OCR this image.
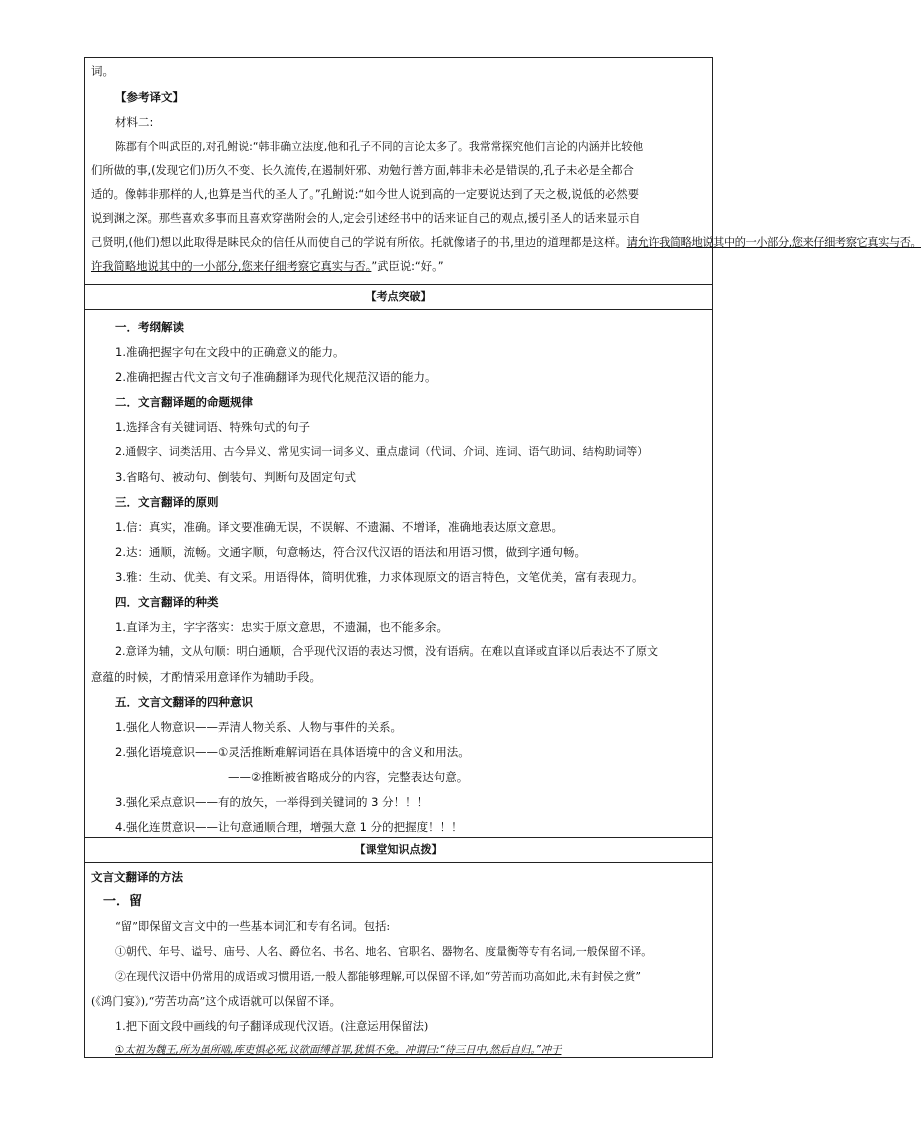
词。
【参考译文】
材料二:
陈郡有个叫武臣的,对孔鲋说:“韩非确立法度,他和孔子不同的言论太多了。我常常探究他们言论的内涵并比较他
们所做的事,(发现它们)历久不变、长久流传,在遏制奸邪、劝勉行善方面,韩非未必是错误的,孔子未必是全都合
适的。像韩非那样的人,也算是当代的圣人了。”孔鲋说:“如今世人说到高的一定要说达到了天之极,说低的必然要
说到渊之深。那些喜欢多事而且喜欢穿凿附会的人,定会引述经书中的话来证自己的观点,援引圣人的话来显示自
己贤明,(他们)想以此取得是眛民众的信任从而使自己的学说有所依。托就像诸子的书,里边的道理都是这样。请允许我简略地说其中的一小部分,您来仔细考察它真实与否。
许我简略地说其中的一小部分,您来仔细考察它真实与否。”武臣说:“好。”
【考点突破】
一．考纲解读
1.准确把握字句在文段中的正确意义的能力。
2.准确把握古代文言文句子准确翻译为现代化规范汉语的能力。
二．文言翻译题的命题规律
1.选择含有关键词语、特殊句式的句子
2.通假字、词类活用、古今异义、常见实词一词多义、重点虚词（代词、介词、连词、语气助词、结构助词等）
3.省略句、被动句、倒装句、判断句及固定句式
三．文言翻译的原则
1.信：真实，准确。译文要准确无误，不误解、不遗漏、不增译，准确地表达原文意思。
2.达：通顺，流畅。文通字顺，句意畅达，符合汉代汉语的语法和用语习惯，做到字通句畅。
3.雅：生动、优美、有文采。用语得体，简明优雅，力求体现原文的语言特色，文笔优美，富有表现力。
四．文言翻译的种类
1.直译为主，字字落实：忠实于原文意思，不遗漏，也不能多余。
2.意译为辅，文从句顺：明白通顺，合乎现代汉语的表达习惯，没有语病。在难以直译或直译以后表达不了原文
意蕴的时候，才酌情采用意译作为辅助手段。
五．文言文翻译的四种意识
1.强化人物意识——弄清人物关系、人物与事件的关系。
2.强化语境意识——①灵活推断难解词语在具体语境中的含义和用法。
——②推断被省略成分的内容，完整表达句意。
3.强化采点意识——有的放矢，一举得到关键词的 3 分！！！
4.强化连贯意识——让句意通顺合理，增强大意 1 分的把握度！！！
【课堂知识点拨】
文言文翻译的方法
一．留
“留”即保留文言文中的一些基本词汇和专有名词。包括:
①朝代、年号、谥号、庙号、人名、爵位名、书名、地名、官职名、器物名、度量衡等专有名词,一般保留不译。
②在现代汉语中仍常用的成语或习惯用语,一般人都能够理解,可以保留不译,如“劳苦而功高如此,未有封侯之赏”
(《鸿门宴》),“劳苦功高”这个成语就可以保留不译。
1.把下面文段中画线的句子翻译成现代汉语。(注意运用保留法)
①太祖为魏王,所为虽所啮,库吏惧必死,议欲面缚首罪,犹惧不免。冲谓曰:“待三日中,然后自归。”冲于
